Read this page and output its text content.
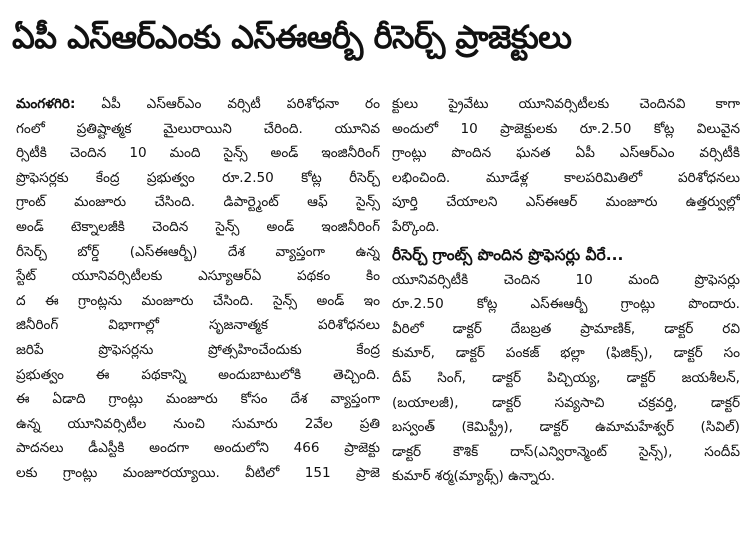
ఏపీ ఎస్ఆర్ఎంకు ఎస్ఈఆర్బీ రీసెర్చ్ ప్రాజెక్టులు
మంగళగిరి: ఏపీ ఎస్ఆర్ఎం వర్సిటీ పరిశోధనా రం
గంలో ప్రతిష్టాత్మక మైలురాయిని చేరింది. యూనివ
ర్సిటీకి చెందిన 10 మంది సైన్స్ అండ్ ఇంజినీరింగ్
ప్రొఫెసర్లకు కేంద్ర ప్రభుత్వం రూ.2.50 కోట్ల రీసెర్చ్
గ్రాంట్ మంజూరు చేసింది. డిపార్ట్మెంట్ ఆఫ్ సైన్స్
అండ్ టెక్నాలజీకి చెందిన సైన్స్ అండ్ ఇంజినీరింగ్
రీసెర్చ్ బోర్డ్ (ఎస్ఈఆర్బీ) దేశ వ్యాప్తంగా ఉన్న
స్టేట్ యూనివర్సిటీలకు ఎస్యూఆర్ఏ పథకం కిం
ద ఈ గ్రాంట్లను మంజూరు చేసింది. సైన్స్ అండ్ ఇం
జినీరింగ్ విభాగాల్లో సృజనాత్మక పరిశోధనలు
జరిపే ప్రొఫెసర్లను ప్రోత్సహించేందుకు కేంద్ర
ప్రభుత్వం ఈ పథకాన్ని అందుబాటులోకి తెచ్చింది.
ఈ ఏడాది గ్రాంట్లు మంజూరు కోసం దేశ వ్యాప్తంగా
ఉన్న యూనివర్సిటీల నుంచి సుమారు 2వేల ప్రతి
పాదనలు డీఎస్టీకి అందగా అందులోని 466 ప్రాజెక్టు
లకు గ్రాంట్లు మంజూరయ్యాయి. వీటిలో 151 ప్రాజె
క్టులు ప్రైవేటు యూనివర్సిటీలకు చెందినవి కాగా
అందులో 10 ప్రాజెక్టులకు రూ.2.50 కోట్ల విలువైన
గ్రాంట్లు పొందిన ఘనత ఏపీ ఎస్ఆర్ఎం వర్సిటీకి
లభించింది. మూడేళ్ల కాలపరిమితిలో పరిశోధనలు
పూర్తి చేయాలని ఎస్ఈఆర్ మంజూరు ఉత్తర్వుల్లో
పేర్కొంది.
రీసెర్చ్ గ్రాంట్స్ పొందిన ప్రొఫెసర్లు వీరే...
యూనివర్సిటీకి చెందిన 10 మంది ప్రొఫెసర్లు
రూ.2.50 కోట్ల ఎస్ఈఆర్బీ గ్రాంట్లు పొందారు.
వీరిలో డాక్టర్ దేబబ్రత ప్రామాణిక్, డాక్టర్ రవి
కుమార్, డాక్టర్ పంకజ్ భల్లా (ఫిజిక్స్), డాక్టర్ సం
దీప్ సింగ్, డాక్టర్ పిచ్చియ్య, డాక్టర్ జయశీలన్,
(బయాలజీ), డాక్టర్ సవ్యసాచి చక్రవర్తి, డాక్టర్
బస్వంత్ (కెమిస్ట్రీ), డాక్టర్ ఉమామహేశ్వర్ (సివిల్)
డాక్టర్ కౌశిక్ దాస్(ఎన్విరాన్మెంట్ సైన్స్), సందీప్
కుమార్ శర్మ(మ్యాథ్స్) ఉన్నారు.
